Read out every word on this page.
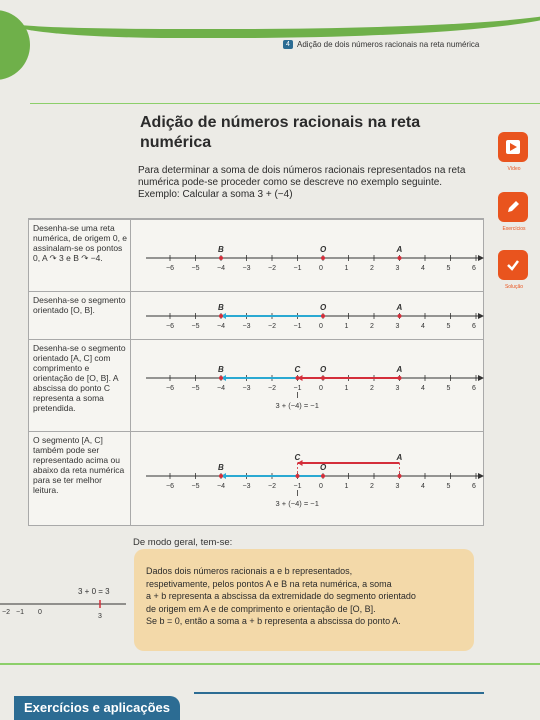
4 Adição de dois números racionais na reta numérica
Adição de números racionais na reta numérica
Para determinar a soma de dois números racionais representados na reta numérica pode-se proceder como se descreve no exemplo seguinte.
Exemplo: Calcular a soma 3 + (−4)
Vídeo
Exercícios
Solução
Desenha-se uma reta numérica, de origem 0, e assinalam-se os pontos 0, A ↷ 3 e B ↷ −4.
−6	−5	−4	−3	−2	−1	0	1	2	3	4	5	6
B	O	A
Desenha-se o segmento orientado [O, B].
−6	−5	−4	−3	−2	−1	0	1	2	3	4	5	6
B	O	A
Desenha-se o segmento orientado [A, C] com comprimento e orientação de [O, B]. A abscissa do ponto C representa a soma pretendida.
−6	−5	−4	−3	−2	−1	0	1	2	3	4	5	6
B	C O	A
3 + (−4) = −1
O segmento [A, C] também pode ser representado acima ou abaixo da reta numérica para se ter melhor leitura.	−6	−5	−4	−3	−2	−1	0	1	2	3	4	5	6
B
C
O
A
3 + (−4) = −1
De modo geral, tem-se:
Dados dois números racionais a e b representados,
respetivamente, pelos pontos A e B na reta numérica, a soma
a + b representa a abscissa da extremidade do segmento orientado
de origem em A e de comprimento e orientação de [O, B].
Se b = 0, então a soma a + b representa a abscissa do ponto A.
3 + 0 = 3
−2 −1 0
3
Exercícios e aplicações
